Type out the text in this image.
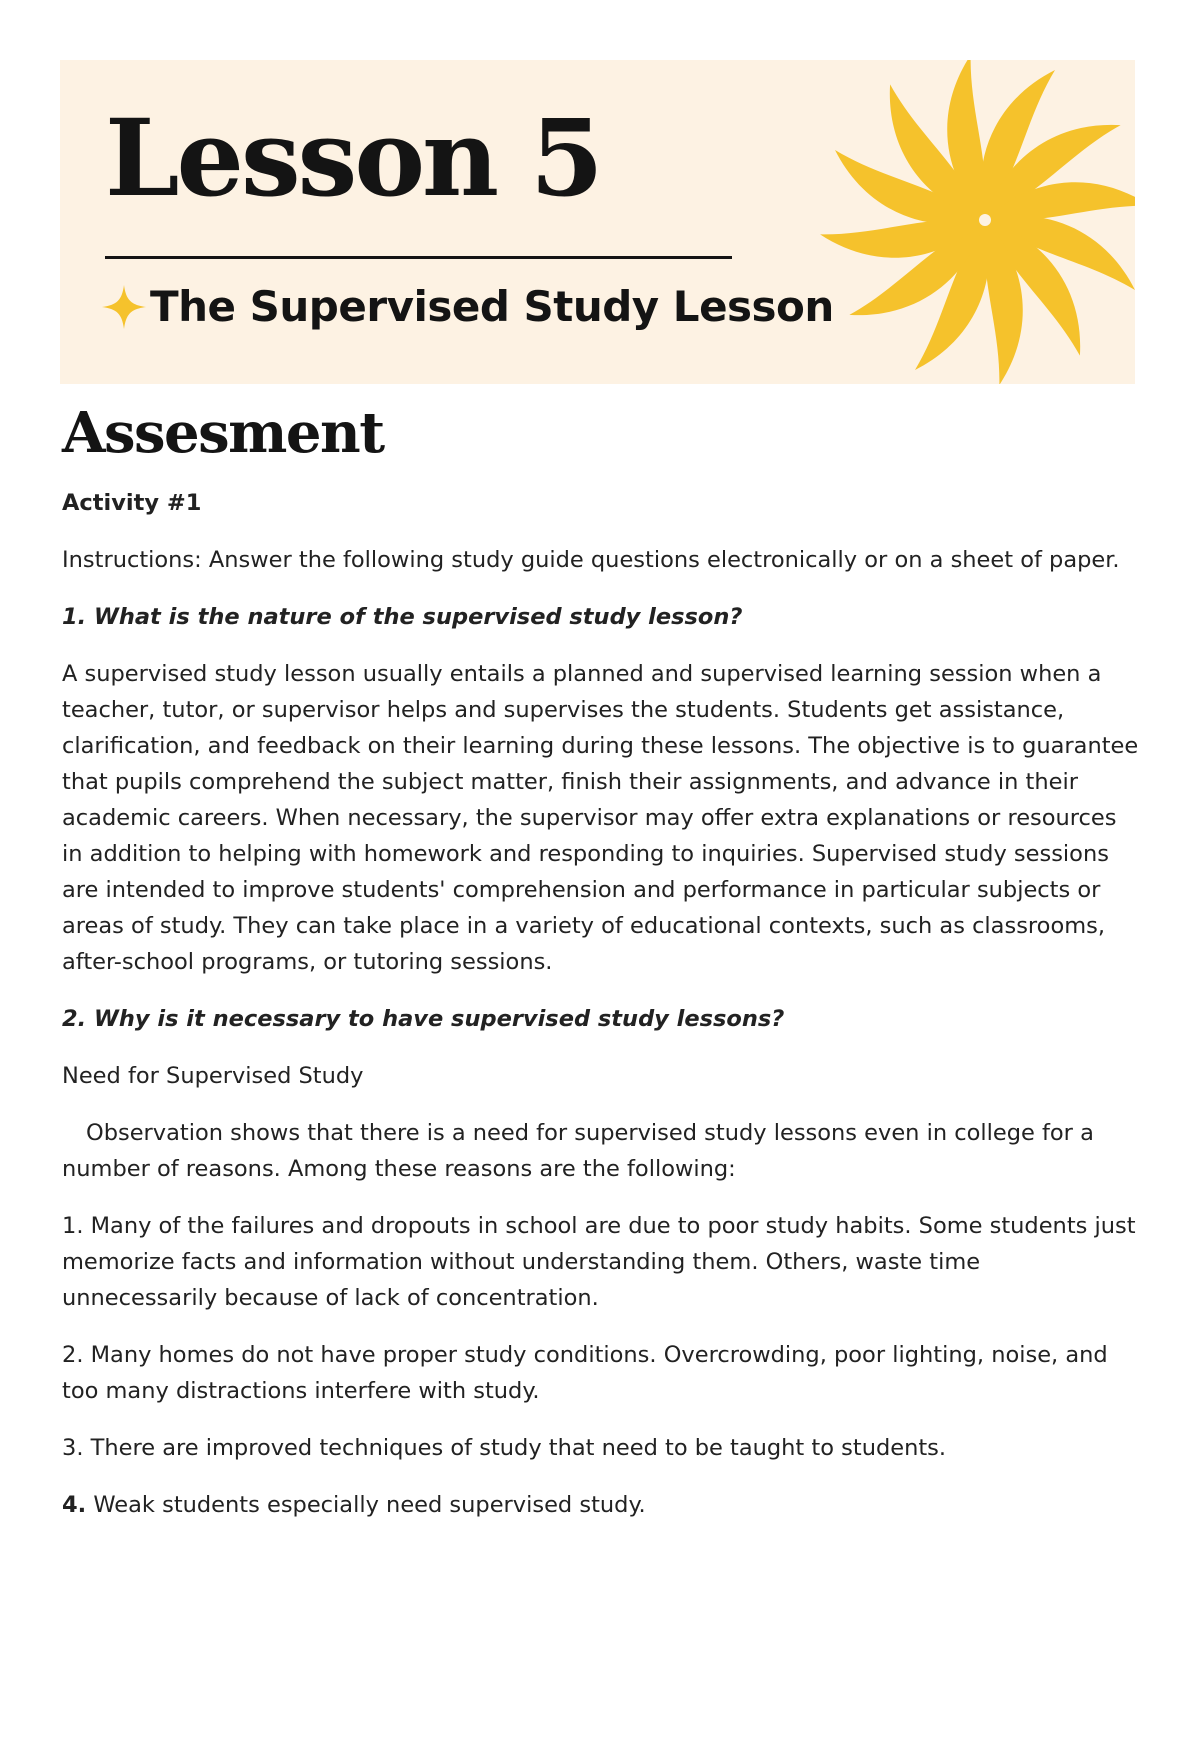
Lesson 5
The Supervised Study Lesson
Assesment

Activity #1

Instructions: Answer the following study guide questions electronically or on a sheet of paper.

1. What is the nature of the supervised study lesson?

A supervised study lesson usually entails a planned and supervised learning session when a teacher, tutor, or supervisor helps and supervises the students. Students get assistance, clarification, and feedback on their learning during these lessons. The objective is to guarantee that pupils comprehend the subject matter, finish their assignments, and advance in their academic careers. When necessary, the supervisor may offer extra explanations or resources in addition to helping with homework and responding to inquiries. Supervised study sessions are intended to improve students' comprehension and performance in particular subjects or areas of study. They can take place in a variety of educational contexts, such as classrooms, after-school programs, or tutoring sessions.

2. Why is it necessary to have supervised study lessons?

Need for Supervised Study

Observation shows that there is a need for supervised study lessons even in college for a number of reasons. Among these reasons are the following:

1. Many of the failures and dropouts in school are due to poor study habits. Some students just memorize facts and information without understanding them. Others, waste time unnecessarily because of lack of concentration.

2. Many homes do not have proper study conditions. Overcrowding, poor lighting, noise, and too many distractions interfere with study.

3. There are improved techniques of study that need to be taught to students.

4. Weak students especially need supervised study.
